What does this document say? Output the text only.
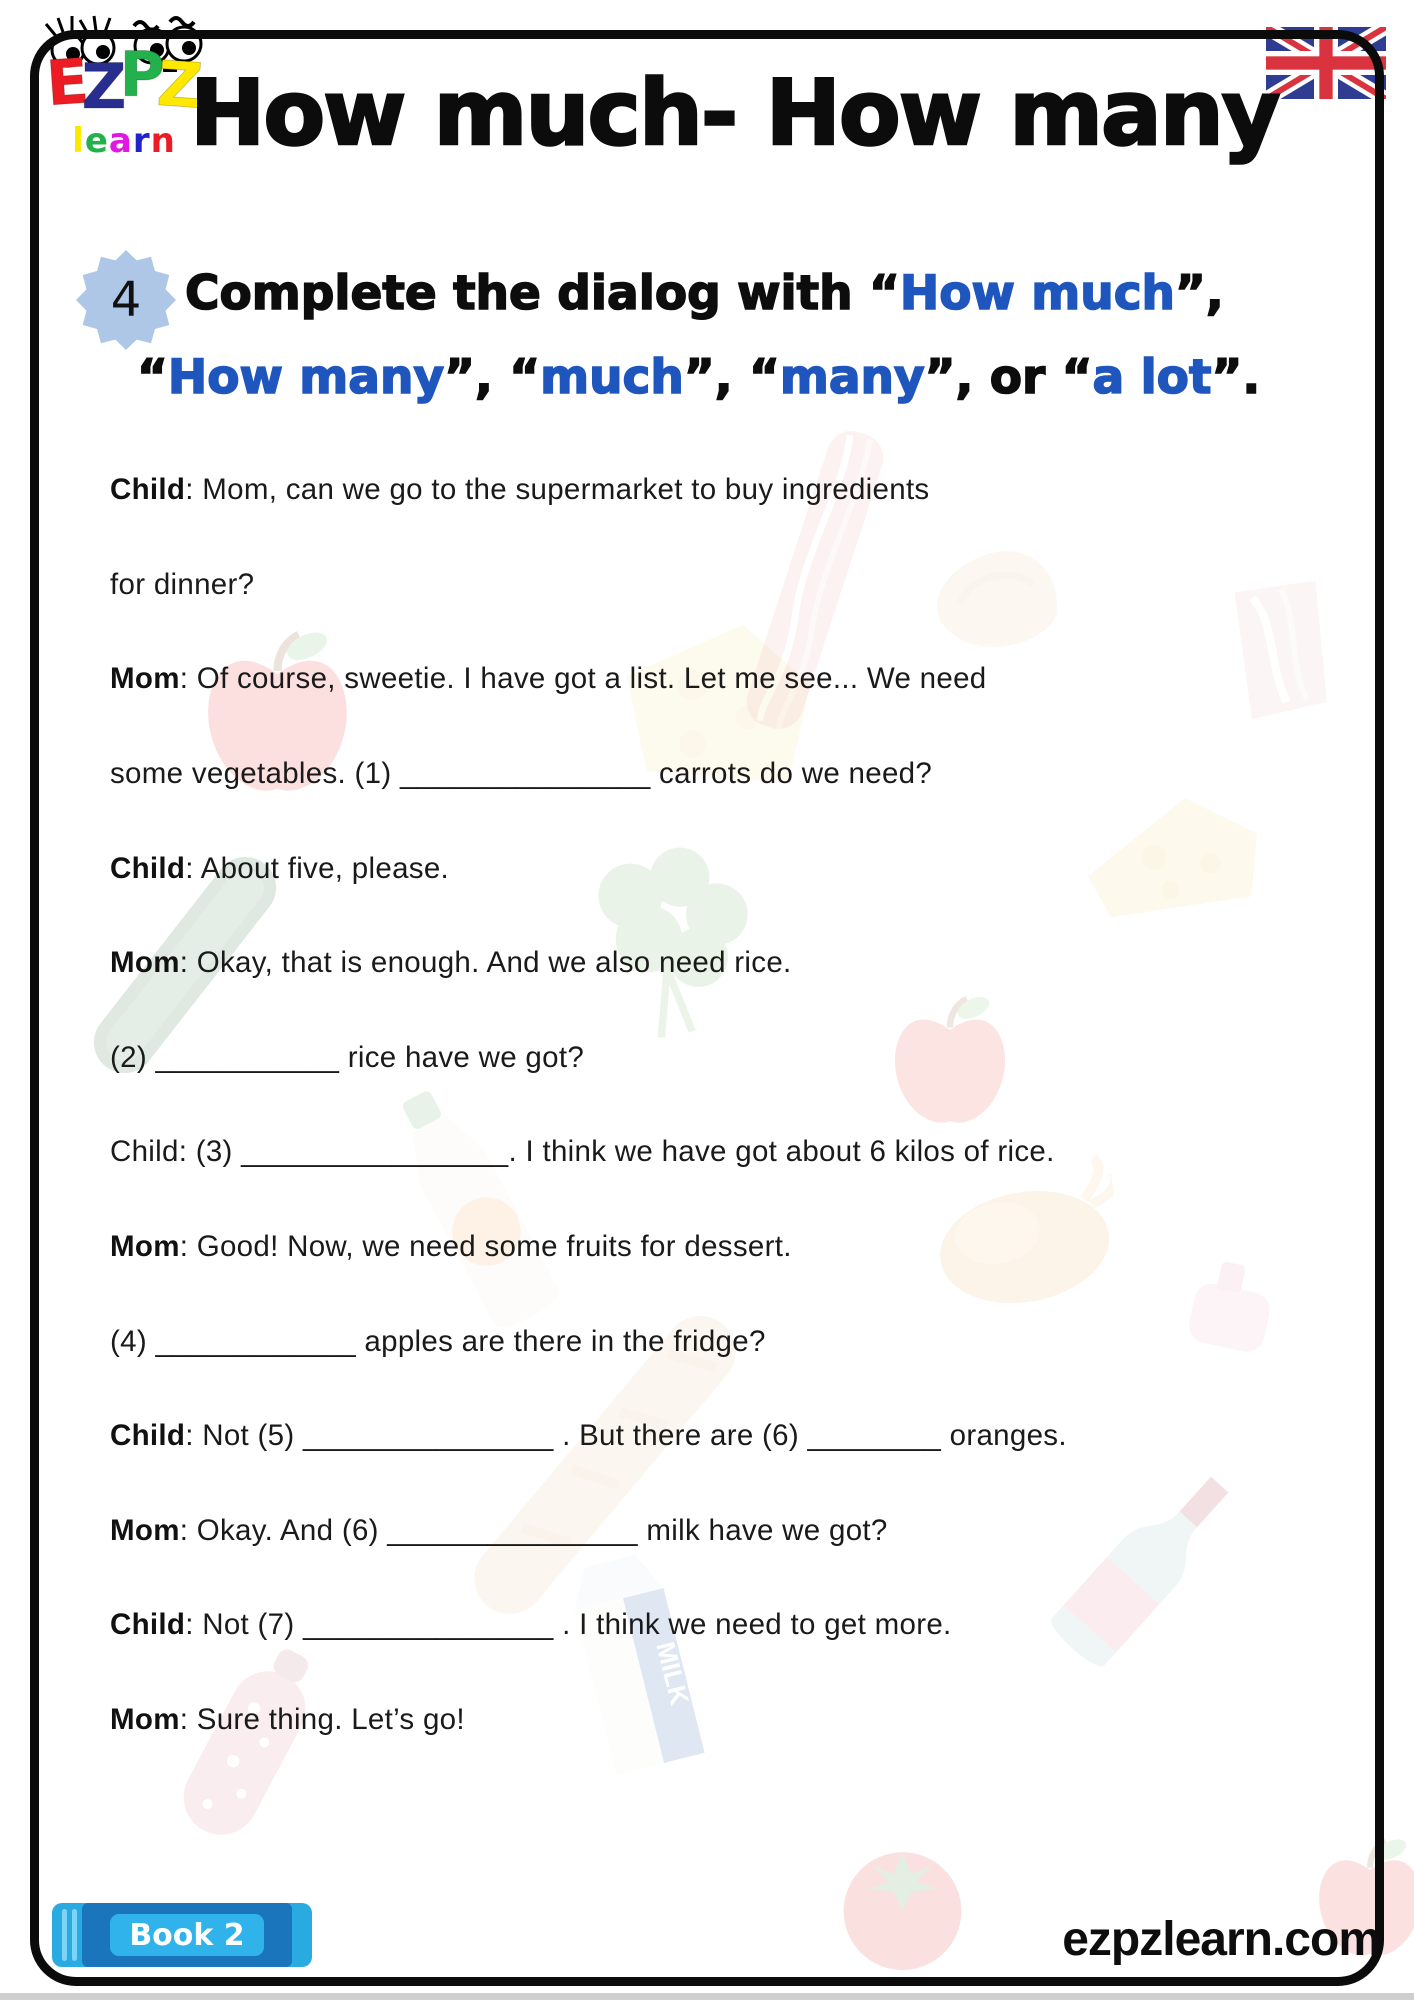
MILK
EZPZ
learn How much- How many
4 Complete the dialog with “How much”,
“How many”, “much”, “many”, or “a lot”.

Child : Mom, can we go to the supermarket to buy ingredients

for dinner?

Mom : Of course, sweetie. I have got a list. Let me see... We need

some vegetables. (1) _______________ carrots do we need?

Child : About five, please.

Mom : Okay, that is enough. And we also need rice.

(2) ___________ rice have we got?

Child: (3) ________________. I think we have got about 6 kilos of rice.

Mom : Good! Now, we need some fruits for dessert.

(4) ____________ apples are there in the fridge?

Child : Not (5) _______________ . But there are (6) ________ oranges.

Mom : Okay. And (6) _______________ milk have we got?

Child : Not (7) _______________ . I think we need to get more.

Mom : Sure thing. Let’s go!

Book 2	ezpzlearn.com
